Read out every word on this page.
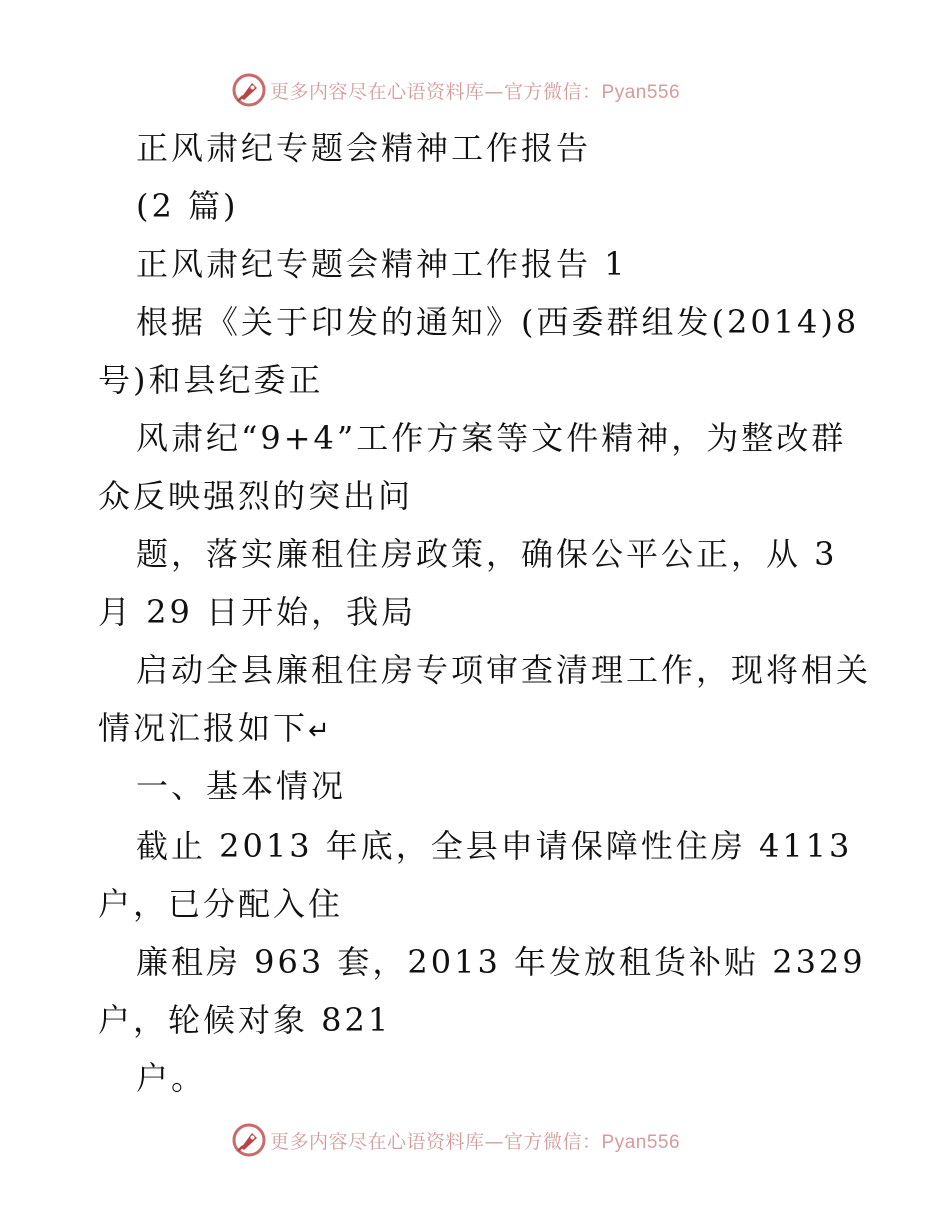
更多内容尽在心语资料库—官方微信：Pyan556
正风肃纪专题会精神工作报告
(2 篇)
正风肃纪专题会精神工作报告 1
根据《关于印发的通知》(西委群组发(2014)8
号)和县纪委正
风肃纪“9+4”工作方案等文件精神，为整改群
众反映强烈的突出问
题，落实廉租住房政策，确保公平公正，从 3
月 29 日开始，我局
启动全县廉租住房专项审查清理工作，现将相关
情况汇报如下↵
一、基本情况
截止 2013 年底，全县申请保障性住房 4113
户，已分配入住
廉租房 963 套，2013 年发放租货补贴 2329
户，轮候对象 821
户。
更多内容尽在心语资料库—官方微信：Pyan556
